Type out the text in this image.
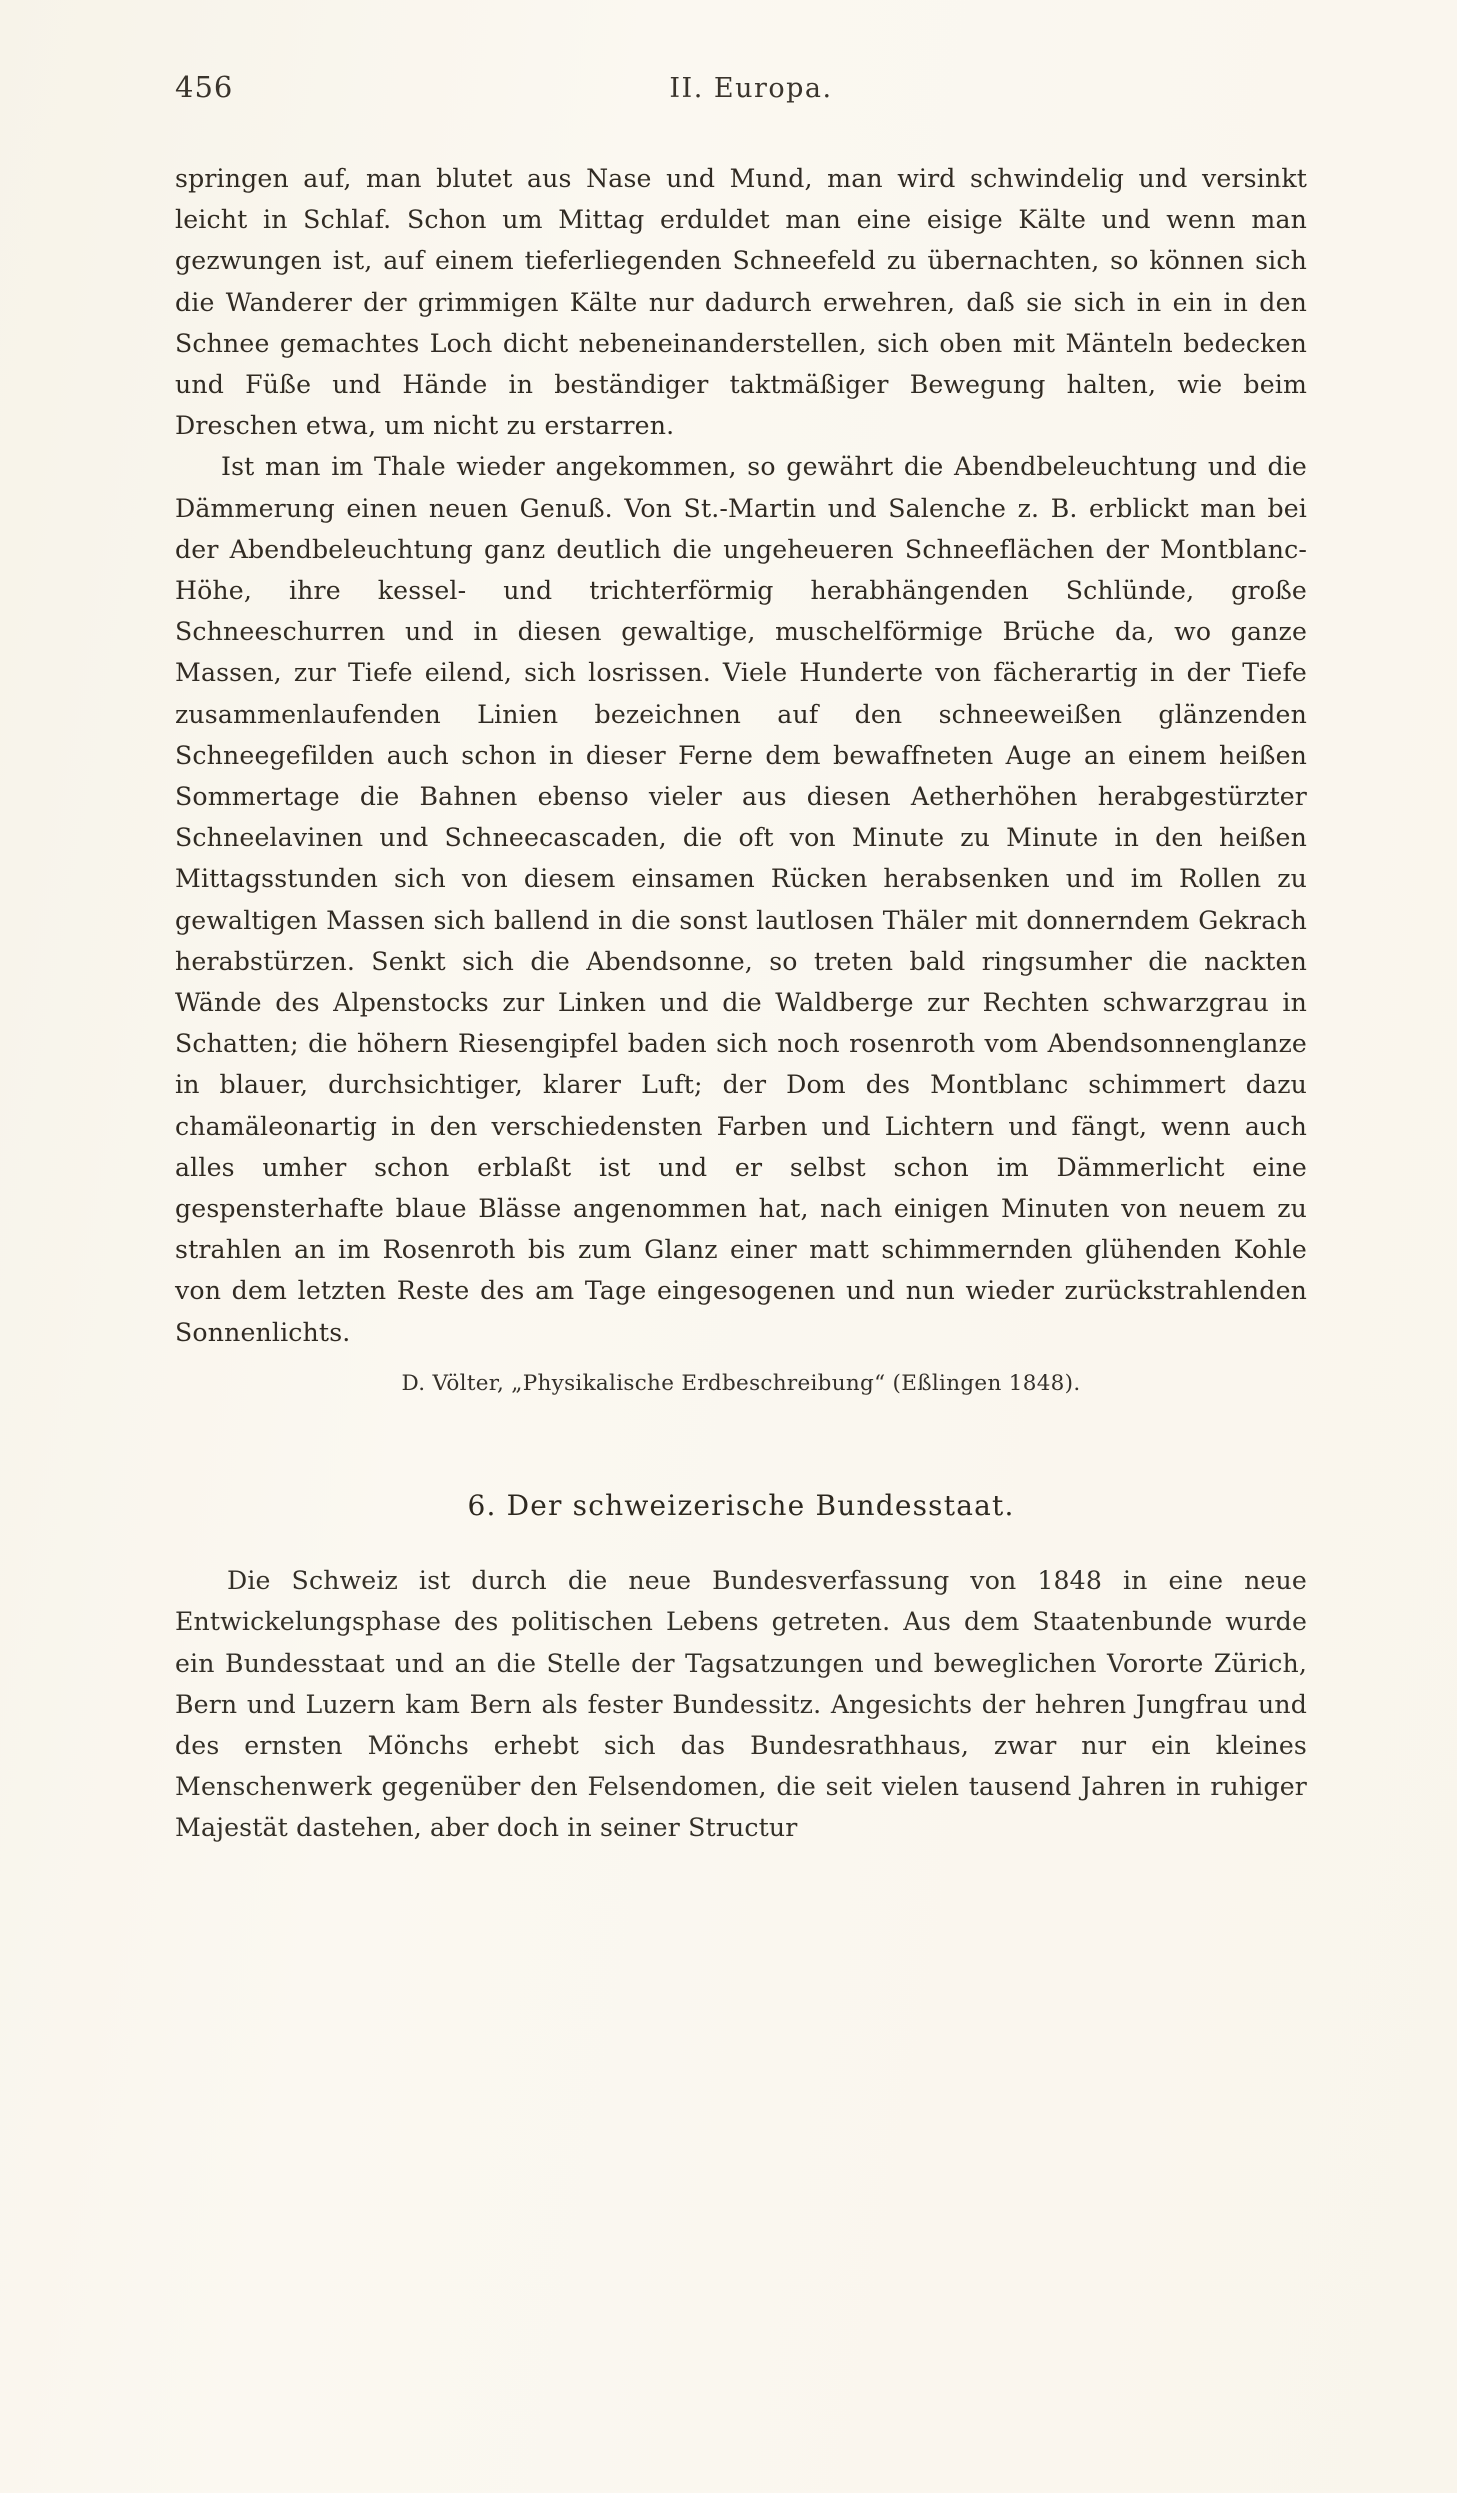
456	II. Europa.

springen auf, man blutet aus Nase und Mund, man wird schwindelig und versinkt leicht in Schlaf. Schon um Mittag erduldet man eine eisige Kälte und wenn man gezwungen ist, auf einem tieferliegenden Schneefeld zu übernachten, so können sich die Wanderer der grimmigen Kälte nur dadurch erwehren, daß sie sich in ein in den Schnee gemachtes Loch dicht nebeneinanderstellen, sich oben mit Mänteln bedecken und Füße und Hände in beständiger taktmäßiger Bewegung halten, wie beim Dreschen etwa, um nicht zu erstarren.

Ist man im Thale wieder angekommen, so gewährt die Abendbeleuchtung und die Dämmerung einen neuen Genuß. Von St.-Martin und Salenche z. B. erblickt man bei der Abendbeleuchtung ganz deutlich die ungeheueren Schneeflächen der Montblanc-Höhe, ihre kessel- und trichterförmig herabhängenden Schlünde, große Schneeschurren und in diesen gewaltige, muschelförmige Brüche da, wo ganze Massen, zur Tiefe eilend, sich losrissen. Viele Hunderte von fächerartig in der Tiefe zusammenlaufenden Linien bezeichnen auf den schneeweißen glänzenden Schneegefilden auch schon in dieser Ferne dem bewaffneten Auge an einem heißen Sommertage die Bahnen ebenso vieler aus diesen Aetherhöhen herabgestürzter Schneelavinen und Schneecascaden, die oft von Minute zu Minute in den heißen Mittagsstunden sich von diesem einsamen Rücken herabsenken und im Rollen zu gewaltigen Massen sich ballend in die sonst lautlosen Thäler mit donnerndem Gekrach herabstürzen. Senkt sich die Abendsonne, so treten bald ringsumher die nackten Wände des Alpenstocks zur Linken und die Waldberge zur Rechten schwarzgrau in Schatten; die höhern Riesengipfel baden sich noch rosenroth vom Abendsonnenglanze in blauer, durchsichtiger, klarer Luft; der Dom des Montblanc schimmert dazu chamäleonartig in den verschiedensten Farben und Lichtern und fängt, wenn auch alles umher schon erblaßt ist und er selbst schon im Dämmerlicht eine gespensterhafte blaue Blässe angenommen hat, nach einigen Minuten von neuem zu strahlen an im Rosenroth bis zum Glanz einer matt schimmernden glühenden Kohle von dem letzten Reste des am Tage eingesogenen und nun wieder zurückstrahlenden Sonnenlichts.

D. Völter, „Physikalische Erdbeschreibung“ (Eßlingen 1848).
6. Der schweizerische Bundesstaat.

Die Schweiz ist durch die neue Bundesverfassung von 1848 in eine neue Entwickelungsphase des politischen Lebens getreten. Aus dem Staatenbunde wurde ein Bundesstaat und an die Stelle der Tagsatzungen und beweglichen Vororte Zürich, Bern und Luzern kam Bern als fester Bundessitz. Angesichts der hehren Jungfrau und des ernsten Mönchs erhebt sich das Bundesrathhaus, zwar nur ein kleines Menschenwerk gegenüber den Felsendomen, die seit vielen tausend Jahren in ruhiger Majestät dastehen, aber doch in seiner Structur
